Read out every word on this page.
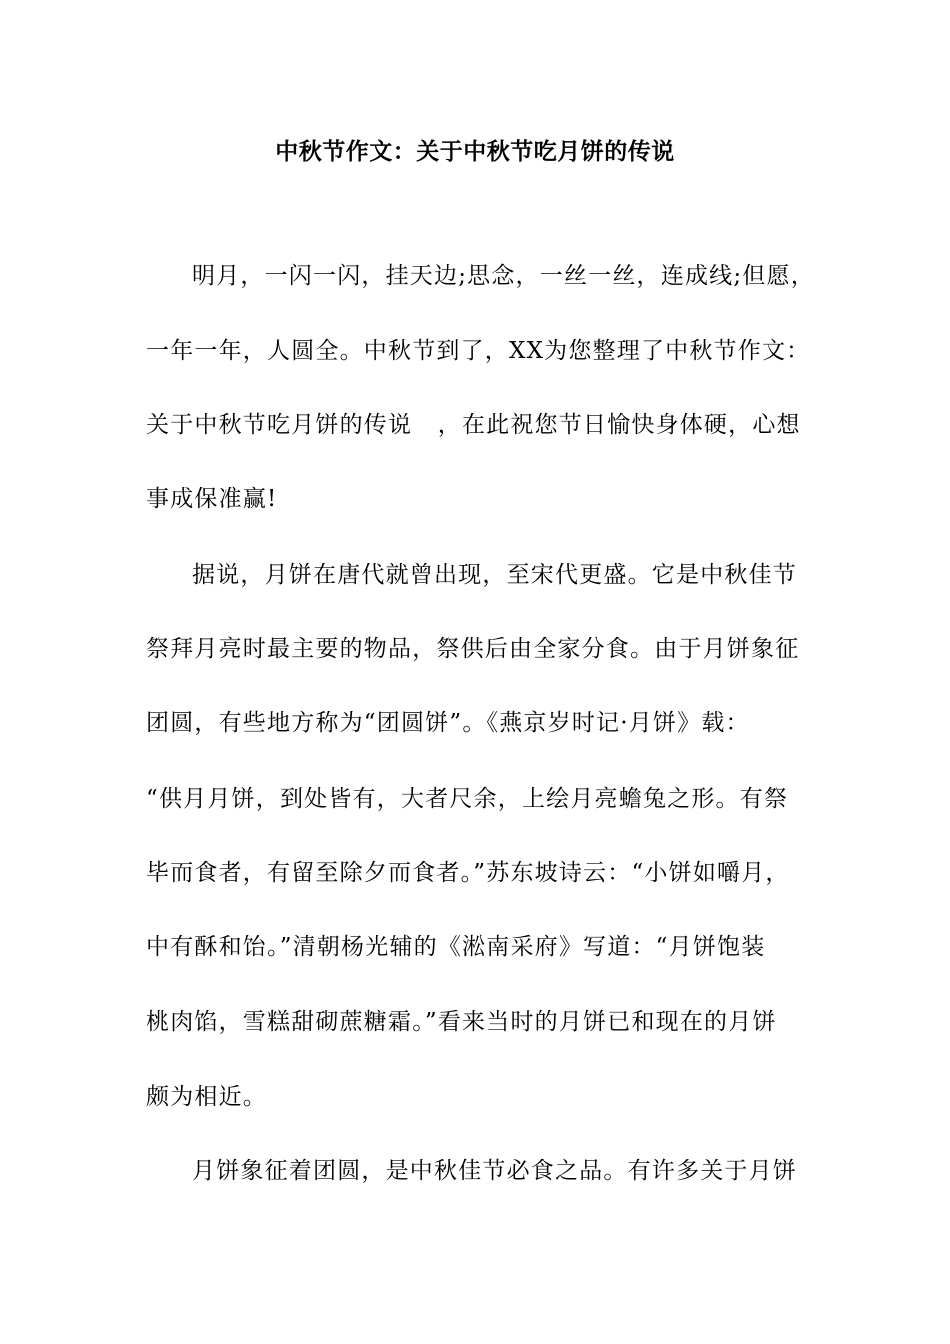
中秋节作文：关于中秋节吃月饼的传说
明月，一闪一闪，挂天边;思念，一丝一丝，连成线;但愿，
一年一年，人圆全。中秋节到了，XX为您整理了中秋节作文：
关于中秋节吃月饼的传说   ，在此祝您节日愉快身体硬，心想
事成保准赢!
据说，月饼在唐代就曾出现，至宋代更盛。它是中秋佳节
祭拜月亮时最主要的物品，祭供后由全家分食。由于月饼象征
团圆，有些地方称为“团圆饼”。《燕京岁时记·月饼》载：
“供月月饼，到处皆有，大者尺余，上绘月亮蟾兔之形。有祭
毕而食者，有留至除夕而食者。”苏东坡诗云：“小饼如嚼月，
中有酥和饴。”清朝杨光辅的《淞南采府》写道：“月饼饱装
桃肉馅，雪糕甜砌蔗糖霜。”看来当时的月饼已和现在的月饼
颇为相近。
月饼象征着团圆，是中秋佳节必食之品。有许多关于月饼
